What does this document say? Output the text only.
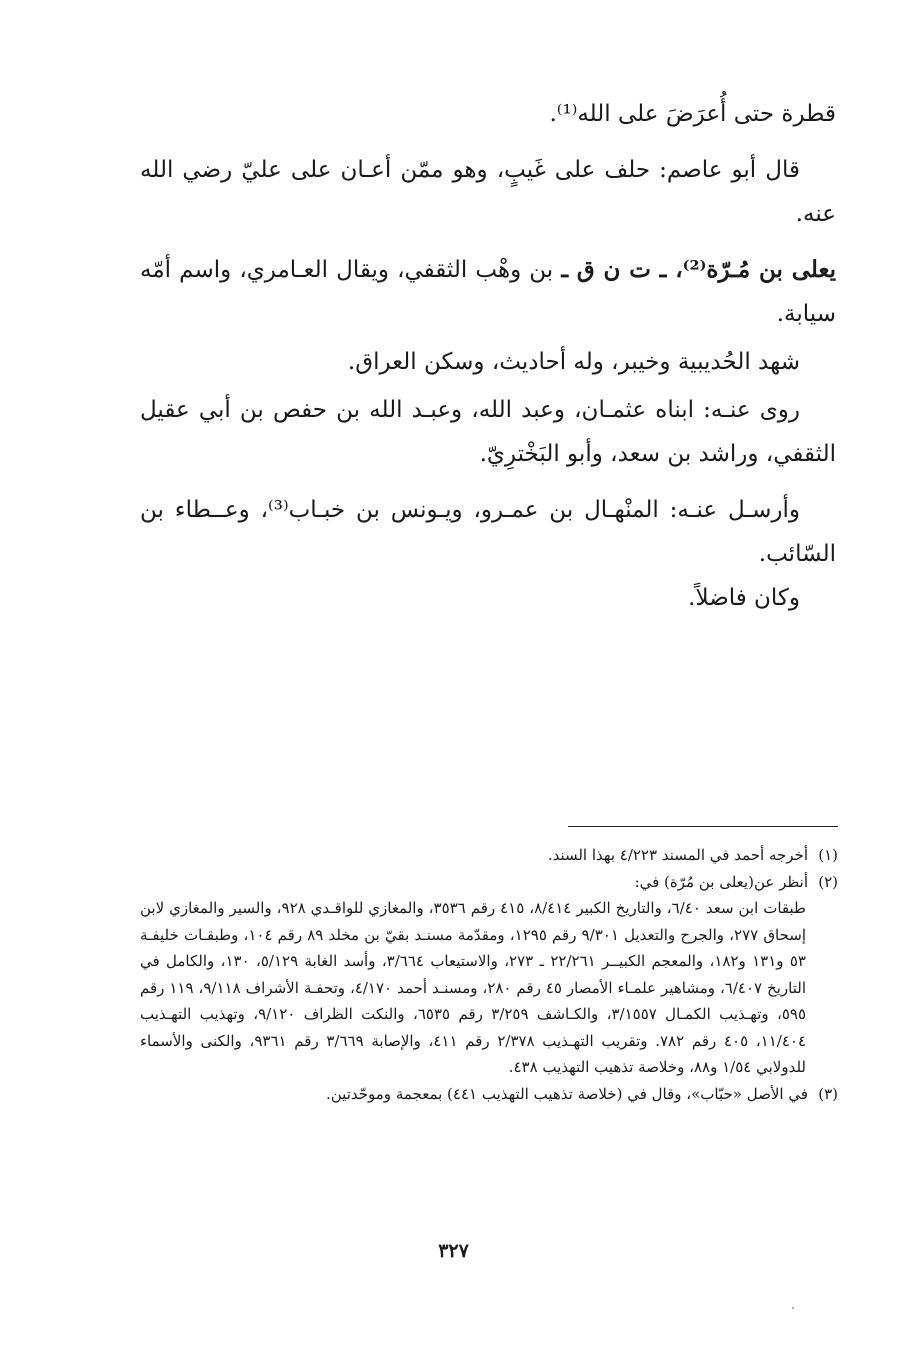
قطرة حتى أُعرَضَ على الله⁽¹⁾.

قال أبو عاصم: حلف على غَيبٍ، وهو ممّن أعـان على عليّ رضي الله عنه.

يعلى بن مُـرّة⁽²⁾، ـ ت ن ق ـ بن وهْب الثقفي، ويقال العـامري، واسم أمّه سيابة.

شهد الحُديبية وخيبر، وله أحاديث، وسكن العراق.

روى عنـه: ابناه عثمـان، وعبد الله، وعبـد الله بن حفص بن أبي عقيل الثقفي، وراشد بن سعد، وأبو البَخْترِيّ.

وأرسـل عنـه: المنْهـال بن عمـرو، ويـونس بن خبـاب⁽³⁾، وعــطاء بن السّائب.

وكان فاضلاً.

(١)أخرجه أحمد في المسند ٤/٢٢٣ بهذا السند.

(٢)أنظر عن(يعلى بن مُرّة) في:

طبقات ابن سعد ٦/٤٠، والتاريخ الكبير ٨/٤١٤، ٤١٥ رقم ٣٥٣٦، والمغازي للواقـدي ٩٢٨، والسير والمغازي لابن إسحاق ٢٧٧، والجرح والتعديل ٩/٣٠١ رقم ١٢٩٥، ومقدّمة مسنـد بقيّ بن مخلد ٨٩ رقم ١٠٤، وطبقـات خليفـة ٥٣ و١٣١ و١٨٢، والمعجم الكبيــر ٢٢/٢٦١ ـ ٢٧٣، والاستيعاب ٣/٦٦٤، وأسد الغابة ٥/١٢٩، ١٣٠، والكامل في التاريخ ٦/٤٠٧، ومشاهير علمـاء الأمصار ٤٥ رقم ٢٨٠، ومسنـد أحمد ٤/١٧٠، وتحفـة الأشراف ٩/١١٨، ١١٩ رقم ٥٩٥، وتهـذيب الكمـال ٣/١٥٥٧، والكـاشف ٣/٢٥٩ رقم ٦٥٣٥، والنكت الظراف ٩/١٢٠، وتهذيب التهـذيب ١١/٤٠٤، ٤٠٥ رقم ٧٨٢. وتقريب التهـذيب ٢/٣٧٨ رقم ٤١١، والإصابة ٣/٦٦٩ رقم ٩٣٦١، والكنى والأسماء للدولابي ١/٥٤ و٨٨، وخلاصة تذهيب التهذيب ٤٣٨.

(٣)في الأصل «حبّاب»، وقال في (خلاصة تذهيب التهذيب ٤٤١) بمعجمة وموحّدتين.

٣٢٧
